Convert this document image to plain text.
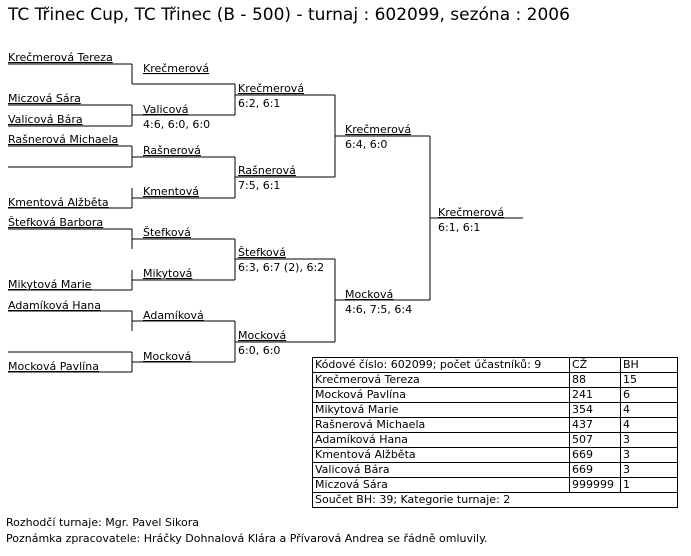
TC Třinec Cup, TC Třinec (B - 500) - turnaj : 602099, sezóna : 2006
Krečmerová Tereza
Miczová Sára
Valicová Bára
Rašnerová Michaela
Kmentová Alžběta
Štefková Barbora
Mikytová Marie
Adamíková Hana
Mocková Pavlína
Krečmerová
Valicová
4:6, 6:0, 6:0
Rašnerová
Kmentová
Štefková
Mikytová
Adamíková
Mocková
Krečmerová
6:2, 6:1
Rašnerová
7:5, 6:1
Štefková
6:3, 6:7 (2), 6:2
Mocková
6:0, 6:0
Krečmerová
6:4, 6:0
Mocková
4:6, 7:5, 6:4
Krečmerová
6:1, 6:1
Kódové číslo: 602099; počet účastníků: 9	CŽ	BH
Krečmerová Tereza	88	15
Mocková Pavlína	241	6
Mikytová Marie	354	4
Rašnerová Michaela	437	4
Adamíková Hana	507	3
Kmentová Alžběta	669	3
Valicová Bára	669	3
Miczová Sára	999999	1
Součet BH: 39; Kategorie turnaje: 2		
Rozhodčí turnaje: Mgr. Pavel Sikora
Poznámka zpracovatele: Hráčky Dohnalová Klára a Přívarová Andrea se řádně omluvily.
